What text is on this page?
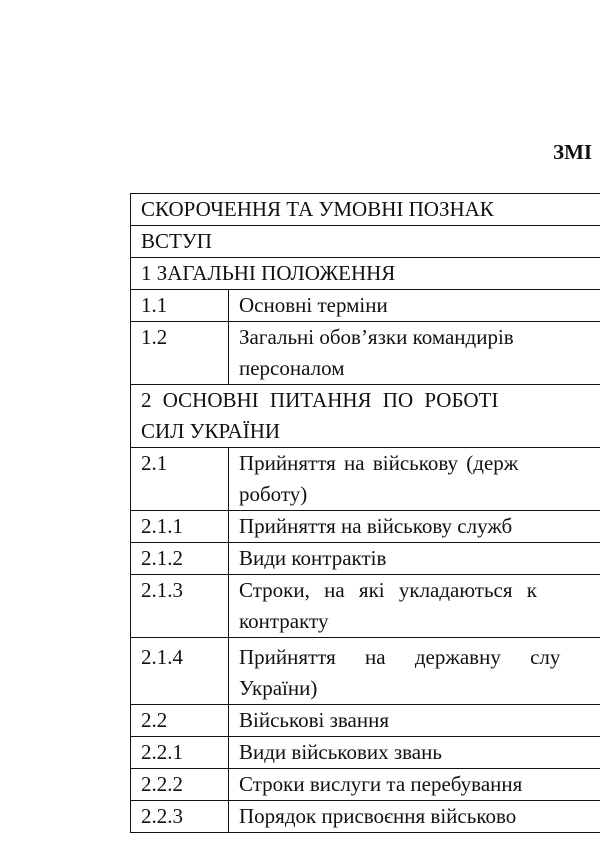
ЗМІ
СКОРОЧЕННЯ ТА УМОВНІ ПОЗНАК	
ВСТУП	
1 ЗАГАЛЬНІ ПОЛОЖЕННЯ	
1.1	Основні терміни
1.2	Загальні обов’язки командирів
персоналом

2 ОСНОВНІ ПИТАННЯ ПО РОБОТІ
СИЛ УКРАЇНИ	

2.1	Прийняття на військову (держ
роботу)

2.1.1	Прийняття на військову служб
2.1.2	Види контрактів
2.1.3	Строки, на які укладаються к
контракту

2.1.4	Прийняття на державну слу
України)

2.2	Військові звання
2.2.1	Види військових звань
2.2.2	Строки вислуги та перебування
2.2.3	Порядок присвоєння військово
